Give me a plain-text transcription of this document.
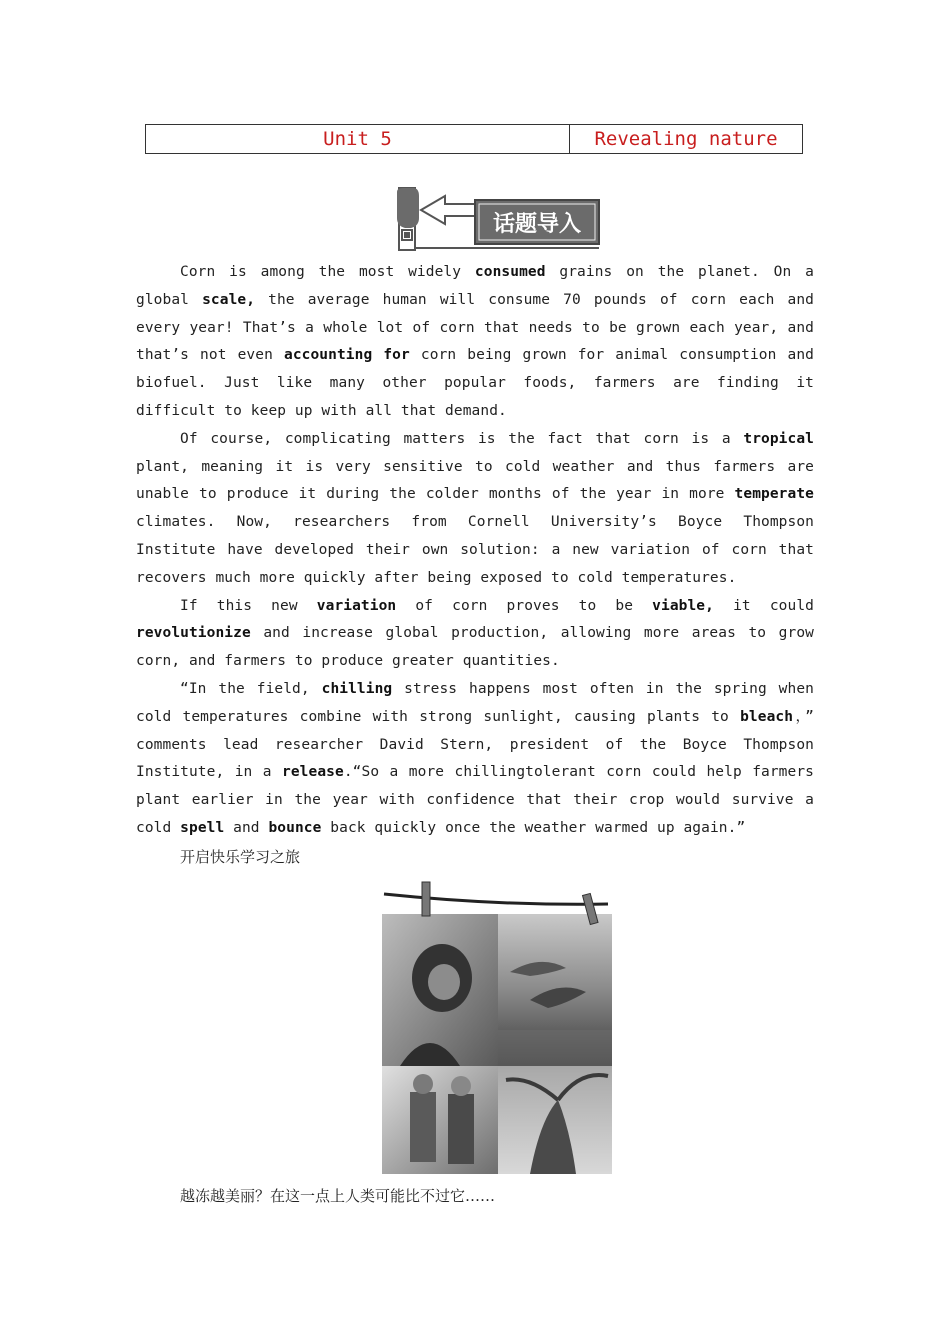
Unit 5	Revealing nature
话题导入

Corn is among the most widely consumed grains on the planet. On a global scale, the average human will consume 70 pounds of corn each and every year! That’s a whole lot of corn that needs to be grown each year, and that’s not even accounting for corn being grown for animal consumption and biofuel. Just like many other popular foods, farmers are finding it difficult to keep up with all that demand.

Of course, complicating matters is the fact that corn is a tropical plant, meaning it is very sensitive to cold weather and thus farmers are unable to produce it during the colder months of the year in more temperate climates. Now, researchers from Cornell University’s Boyce Thompson Institute have developed their own solution: a new variation of corn that recovers much more quickly after being exposed to cold temperatures.

If this new variation of corn proves to be viable, it could revolutionize and increase global production, allowing more areas to grow corn, and farmers to produce greater quantities.

“In the field, chilling stress happens most often in the spring when cold temperatures combine with strong sunlight, causing plants to bleach，” comments lead researcher David Stern, president of the Boyce Thompson Institute, in a release.“So a more chillingtolerant corn could help farmers plant earlier in the year with confidence that their crop would survive a cold spell and bounce back quickly once the weather warmed up again.”

开启快乐学习之旅
越冻越美丽？在这一点上人类可能比不过它……
